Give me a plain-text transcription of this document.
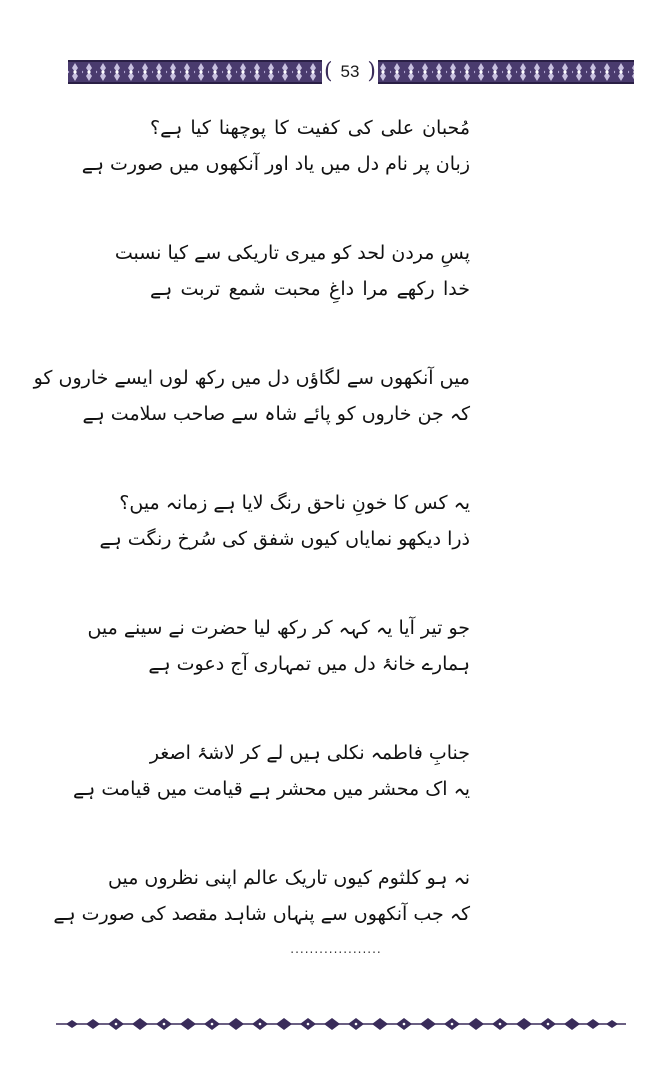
( 53 )
مُحبان علی کی کفیت کا پوچھنا کیا ہے؟
زبان پر نام دل میں یاد اور آنکھوں میں صورت ہے
پسِ مردن لحد کو میری تاریکی سے کیا نسبت
خدا رکھے مرا داغِ محبت شمع تربت ہے
میں آنکھوں سے لگاؤں دل میں رکھ لوں ایسے خاروں کو
کہ جن خاروں کو پائے شاہ سے صاحب سلامت ہے
یہ کس کا خونِ ناحق رنگ لایا ہے زمانہ میں؟
ذرا دیکھو نمایاں کیوں شفق کی سُرخ رنگت ہے
جو تیر آیا یہ کہہ کر رکھ لیا حضرت نے سینے میں
ہمارے خانۂ دل میں تمہاری آج دعوت ہے
جنابِ فاطمہ نکلی ہیں لے کر لاشۂ اصغر
یہ اک محشر میں محشر ہے قیامت میں قیامت ہے
نہ ہو کلثوم کیوں تاریک عالم اپنی نظروں میں
کہ جب آنکھوں سے پنہاں شاہد مقصد کی صورت ہے
...................
